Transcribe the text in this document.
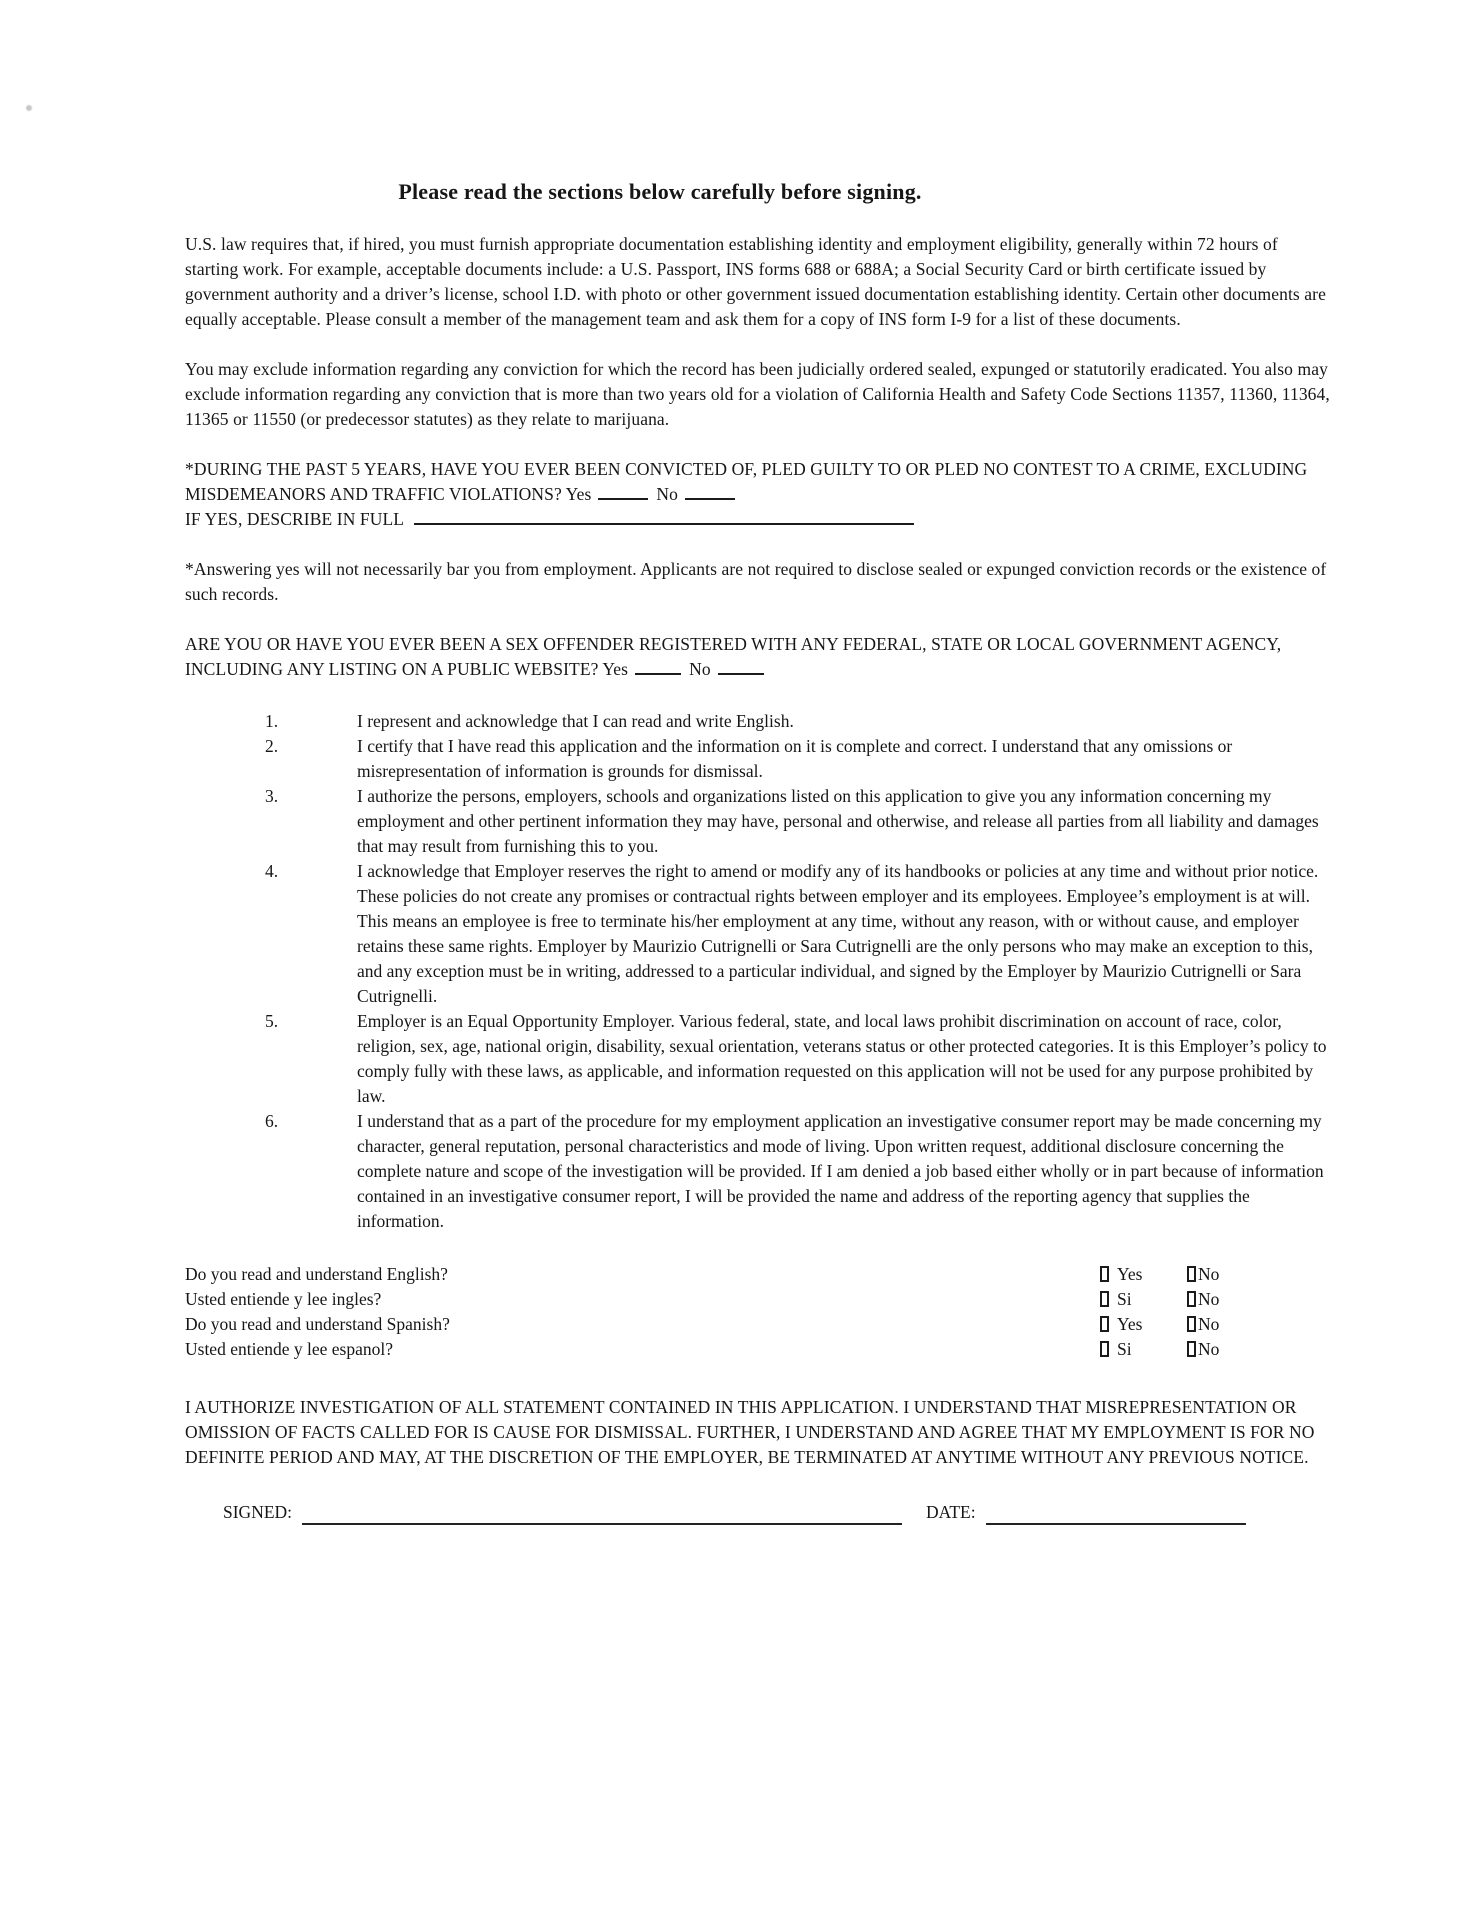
Please read the sections below carefully before signing.

U.S. law requires that, if hired, you must furnish appropriate documentation establishing identity and employment eligibility, generally within 72 hours of starting work. For example, acceptable documents include: a U.S. Passport, INS forms 688 or 688A; a Social Security Card or birth certificate issued by government authority and a driver’s license, school I.D. with photo or other government issued documentation establishing identity. Certain other documents are equally acceptable. Please consult a member of the management team and ask them for a copy of INS form I-9 for a list of these documents.

You may exclude information regarding any conviction for which the record has been judicially ordered sealed, expunged or statutorily eradicated. You also may exclude information regarding any conviction that is more than two years old for a violation of California Health and Safety Code Sections 11357, 11360, 11364, 11365 or 11550 (or predecessor statutes) as they relate to marijuana.

*DURING THE PAST 5 YEARS, HAVE YOU EVER BEEN CONVICTED OF, PLED GUILTY TO OR PLED NO CONTEST TO A CRIME, EXCLUDING MISDEMEANORS AND TRAFFIC VIOLATIONS? Yes	No
IF YES, DESCRIBE IN FULL

*Answering yes will not necessarily bar you from employment. Applicants are not required to disclose sealed or expunged conviction records or the existence of such records.

ARE YOU OR HAVE YOU EVER BEEN A SEX OFFENDER REGISTERED WITH ANY FEDERAL, STATE OR LOCAL GOVERNMENT AGENCY, INCLUDING ANY LISTING ON A PUBLIC WEBSITE? Yes	No

1.	I represent and acknowledge that I can read and write English.
2.	I certify that I have read this application and the information on it is complete and correct. I understand that any omissions or misrepresentation of information is grounds for dismissal.
3.	I authorize the persons, employers, schools and organizations listed on this application to give you any information concerning my employment and other pertinent information they may have, personal and otherwise, and release all parties from all liability and damages that may result from furnishing this to you.
4.	I acknowledge that Employer reserves the right to amend or modify any of its handbooks or policies at any time and without prior notice. These policies do not create any promises or contractual rights between employer and its employees. Employee’s employment is at will. This means an employee is free to terminate his/her employment at any time, without any reason, with or without cause, and employer retains these same rights. Employer by Maurizio Cutrignelli or Sara Cutrignelli are the only persons who may make an exception to this, and any exception must be in writing, addressed to a particular individual, and signed by the Employer by Maurizio Cutrignelli or Sara Cutrignelli.
5.	Employer is an Equal Opportunity Employer. Various federal, state, and local laws prohibit discrimination on account of race, color, religion, sex, age, national origin, disability, sexual orientation, veterans status or other protected categories. It is this Employer’s policy to comply fully with these laws, as applicable, and information requested on this application will not be used for any purpose prohibited by law.
6.	I understand that as a part of the procedure for my employment application an investigative consumer report may be made concerning my character, general reputation, personal characteristics and mode of living. Upon written request, additional disclosure concerning the complete nature and scope of the investigation will be provided. If I am denied a job based either wholly or in part because of information contained in an investigative consumer report, I will be provided the name and address of the reporting agency that supplies the information.
Do you read and understand English?	Yes	No
Usted entiende y lee ingles?	Si	No
Do you read and understand Spanish?	Yes	No
Usted entiende y lee espanol?	Si	No

I AUTHORIZE INVESTIGATION OF ALL STATEMENT CONTAINED IN THIS APPLICATION. I UNDERSTAND THAT MISREPRESENTATION OR OMISSION OF FACTS CALLED FOR IS CAUSE FOR DISMISSAL. FURTHER, I UNDERSTAND AND AGREE THAT MY EMPLOYMENT IS FOR NO DEFINITE PERIOD AND MAY, AT THE DISCRETION OF THE EMPLOYER, BE TERMINATED AT ANYTIME WITHOUT ANY PREVIOUS NOTICE.

SIGNED:	DATE:
